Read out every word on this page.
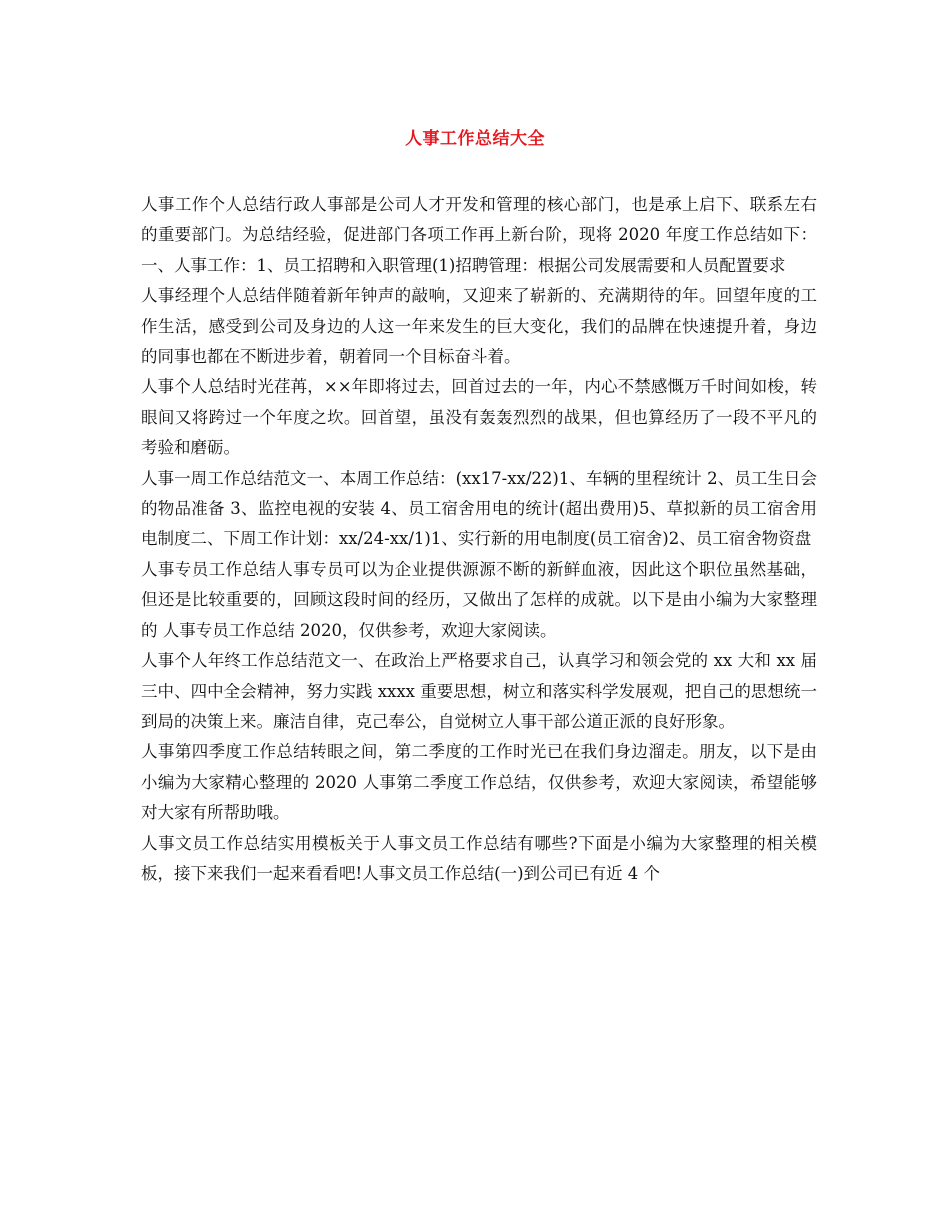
人事工作总结大全

人事工作个人总结行政人事部是公司人才开发和管理的核心部门，也是承上启下、联系左右的重要部门。为总结经验，促进部门各项工作再上新台阶，现将 2020 年度工作总结如下：一、人事工作：1、员工招聘和入职管理(1)招聘管理：根据公司发展需要和人员配置要求

人事经理个人总结伴随着新年钟声的敲响，又迎来了崭新的、充满期待的年。回望年度的工作生活，感受到公司及身边的人这一年来发生的巨大变化，我们的品牌在快速提升着，身边的同事也都在不断进步着，朝着同一个目标奋斗着。

人事个人总结时光荏苒，××年即将过去，回首过去的一年，内心不禁感慨万千时间如梭，转眼间又将跨过一个年度之坎。回首望，虽没有轰轰烈烈的战果，但也算经历了一段不平凡的考验和磨砺。

人事一周工作总结范文一、本周工作总结：(xx17-xx/22)1、车辆的里程统计 2、员工生日会的物品准备 3、监控电视的安装 4、员工宿舍用电的统计(超出费用)5、草拟新的员工宿舍用电制度二、下周工作计划：xx/24-xx/1)1、实行新的用电制度(员工宿舍)2、员工宿舍物资盘

人事专员工作总结人事专员可以为企业提供源源不断的新鲜血液，因此这个职位虽然基础，但还是比较重要的，回顾这段时间的经历，又做出了怎样的成就。以下是由小编为大家整理的 人事专员工作总结 2020，仅供参考，欢迎大家阅读。

人事个人年终工作总结范文一、在政治上严格要求自己，认真学习和领会党的 xx 大和 xx 届三中、四中全会精神，努力实践 xxxx 重要思想，树立和落实科学发展观，把自己的思想统一到局的决策上来。廉洁自律，克己奉公，自觉树立人事干部公道正派的良好形象。

人事第四季度工作总结转眼之间，第二季度的工作时光已在我们身边溜走。朋友，以下是由小编为大家精心整理的 2020 人事第二季度工作总结，仅供参考，欢迎大家阅读，希望能够对大家有所帮助哦。

人事文员工作总结实用模板关于人事文员工作总结有哪些?下面是小编为大家整理的相关模板，接下来我们一起来看看吧!人事文员工作总结(一)到公司已有近 4 个
